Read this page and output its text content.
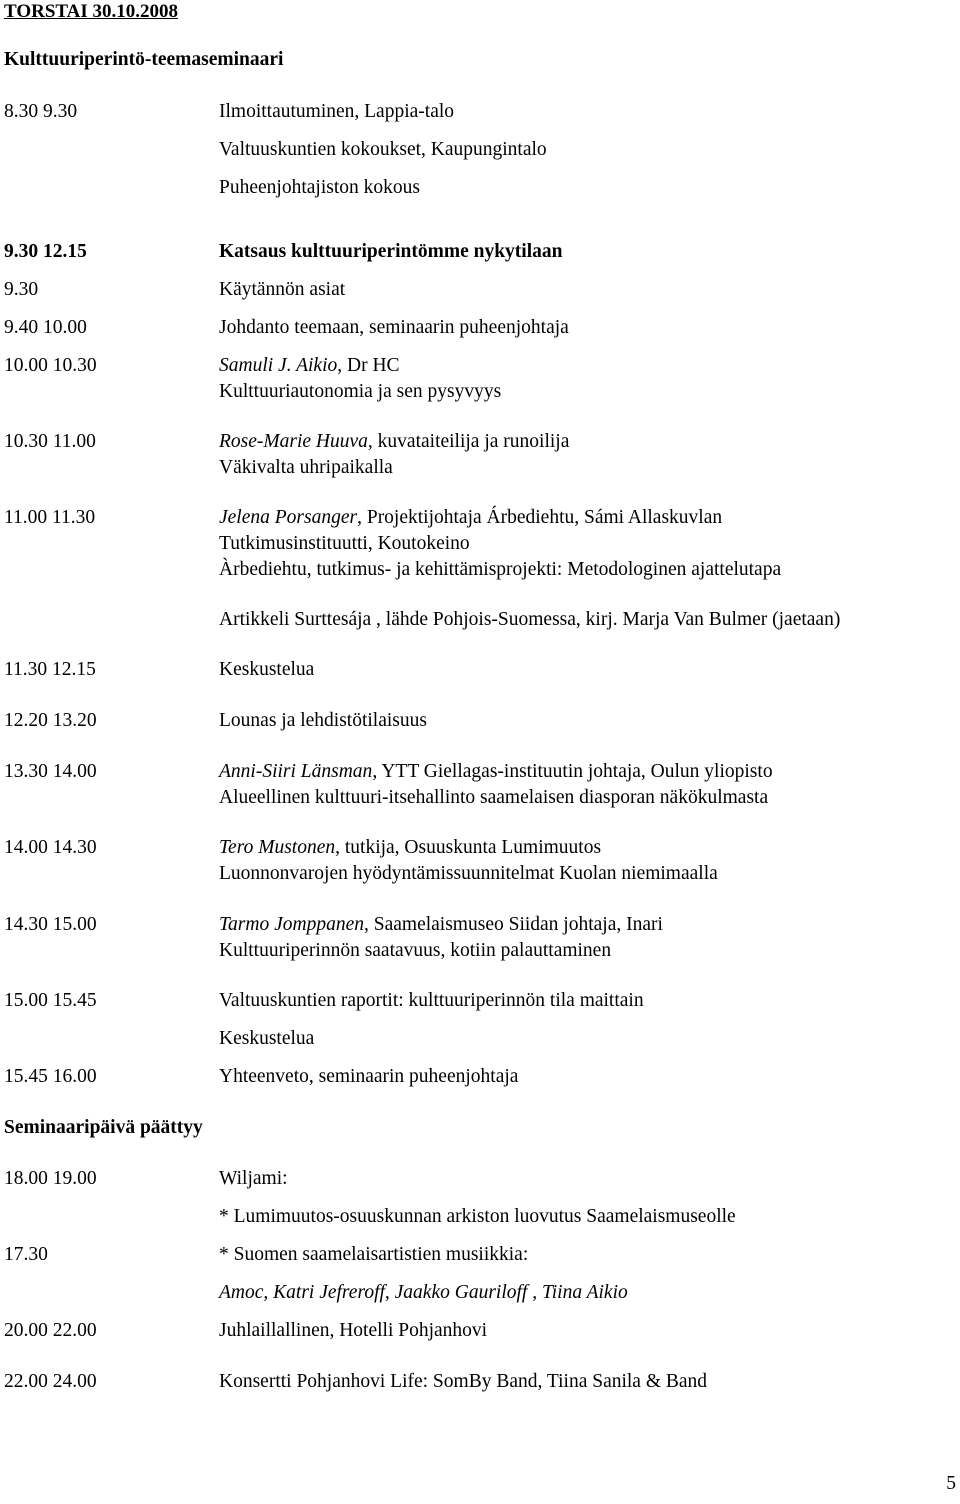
TORSTAI 30.10.2008
Kulttuuriperintö-teemaseminaari
8.30 9.30	Ilmoittautuminen, Lappia-talo
Valtuuskuntien kokoukset, Kaupungintalo
Puheenjohtajiston kokous
9.30 12.15	Katsaus kulttuuriperintömme nykytilaan
9.30	Käytännön asiat
9.40 10.00	Johdanto teemaan, seminaarin puheenjohtaja
10.00 10.30	Samuli J. Aikio, Dr HC
Kulttuuriautonomia ja sen pysyvyys
10.30 11.00	Rose-Marie Huuva, kuvataiteilija ja runoilija
Väkivalta uhripaikalla
11.00 11.30	Jelena Porsanger, Projektijohtaja Árbediehtu, Sámi Allaskuvlan
Tutkimusinstituutti, Koutokeino
Àrbediehtu, tutkimus- ja kehittämisprojekti: Metodologinen ajattelutapa
Artikkeli Surttesája , lähde Pohjois-Suomessa, kirj. Marja Van Bulmer (jaetaan)
11.30 12.15	Keskustelua
12.20 13.20	Lounas ja lehdistötilaisuus
13.30 14.00	Anni-Siiri Länsman, YTT Giellagas-instituutin johtaja, Oulun yliopisto
Alueellinen kulttuuri-itsehallinto saamelaisen diasporan näkökulmasta
14.00 14.30	Tero Mustonen, tutkija, Osuuskunta Lumimuutos
Luonnonvarojen hyödyntämissuunnitelmat Kuolan niemimaalla
14.30 15.00	Tarmo Jomppanen, Saamelaismuseo Siidan johtaja, Inari
Kulttuuriperinnön saatavuus, kotiin palauttaminen
15.00 15.45	Valtuuskuntien raportit: kulttuuriperinnön tila maittain
Keskustelua
15.45 16.00	Yhteenveto, seminaarin puheenjohtaja
Seminaaripäivä päättyy
18.00 19.00	Wiljami:
* Lumimuutos-osuuskunnan arkiston luovutus Saamelaismuseolle
17.30	* Suomen saamelaisartistien musiikkia:
Amoc, Katri Jefreroff, Jaakko Gauriloff , Tiina Aikio
20.00 22.00	Juhlaillallinen, Hotelli Pohjanhovi
22.00 24.00	Konsertti Pohjanhovi Life: SomBy Band, Tiina Sanila & Band
5
